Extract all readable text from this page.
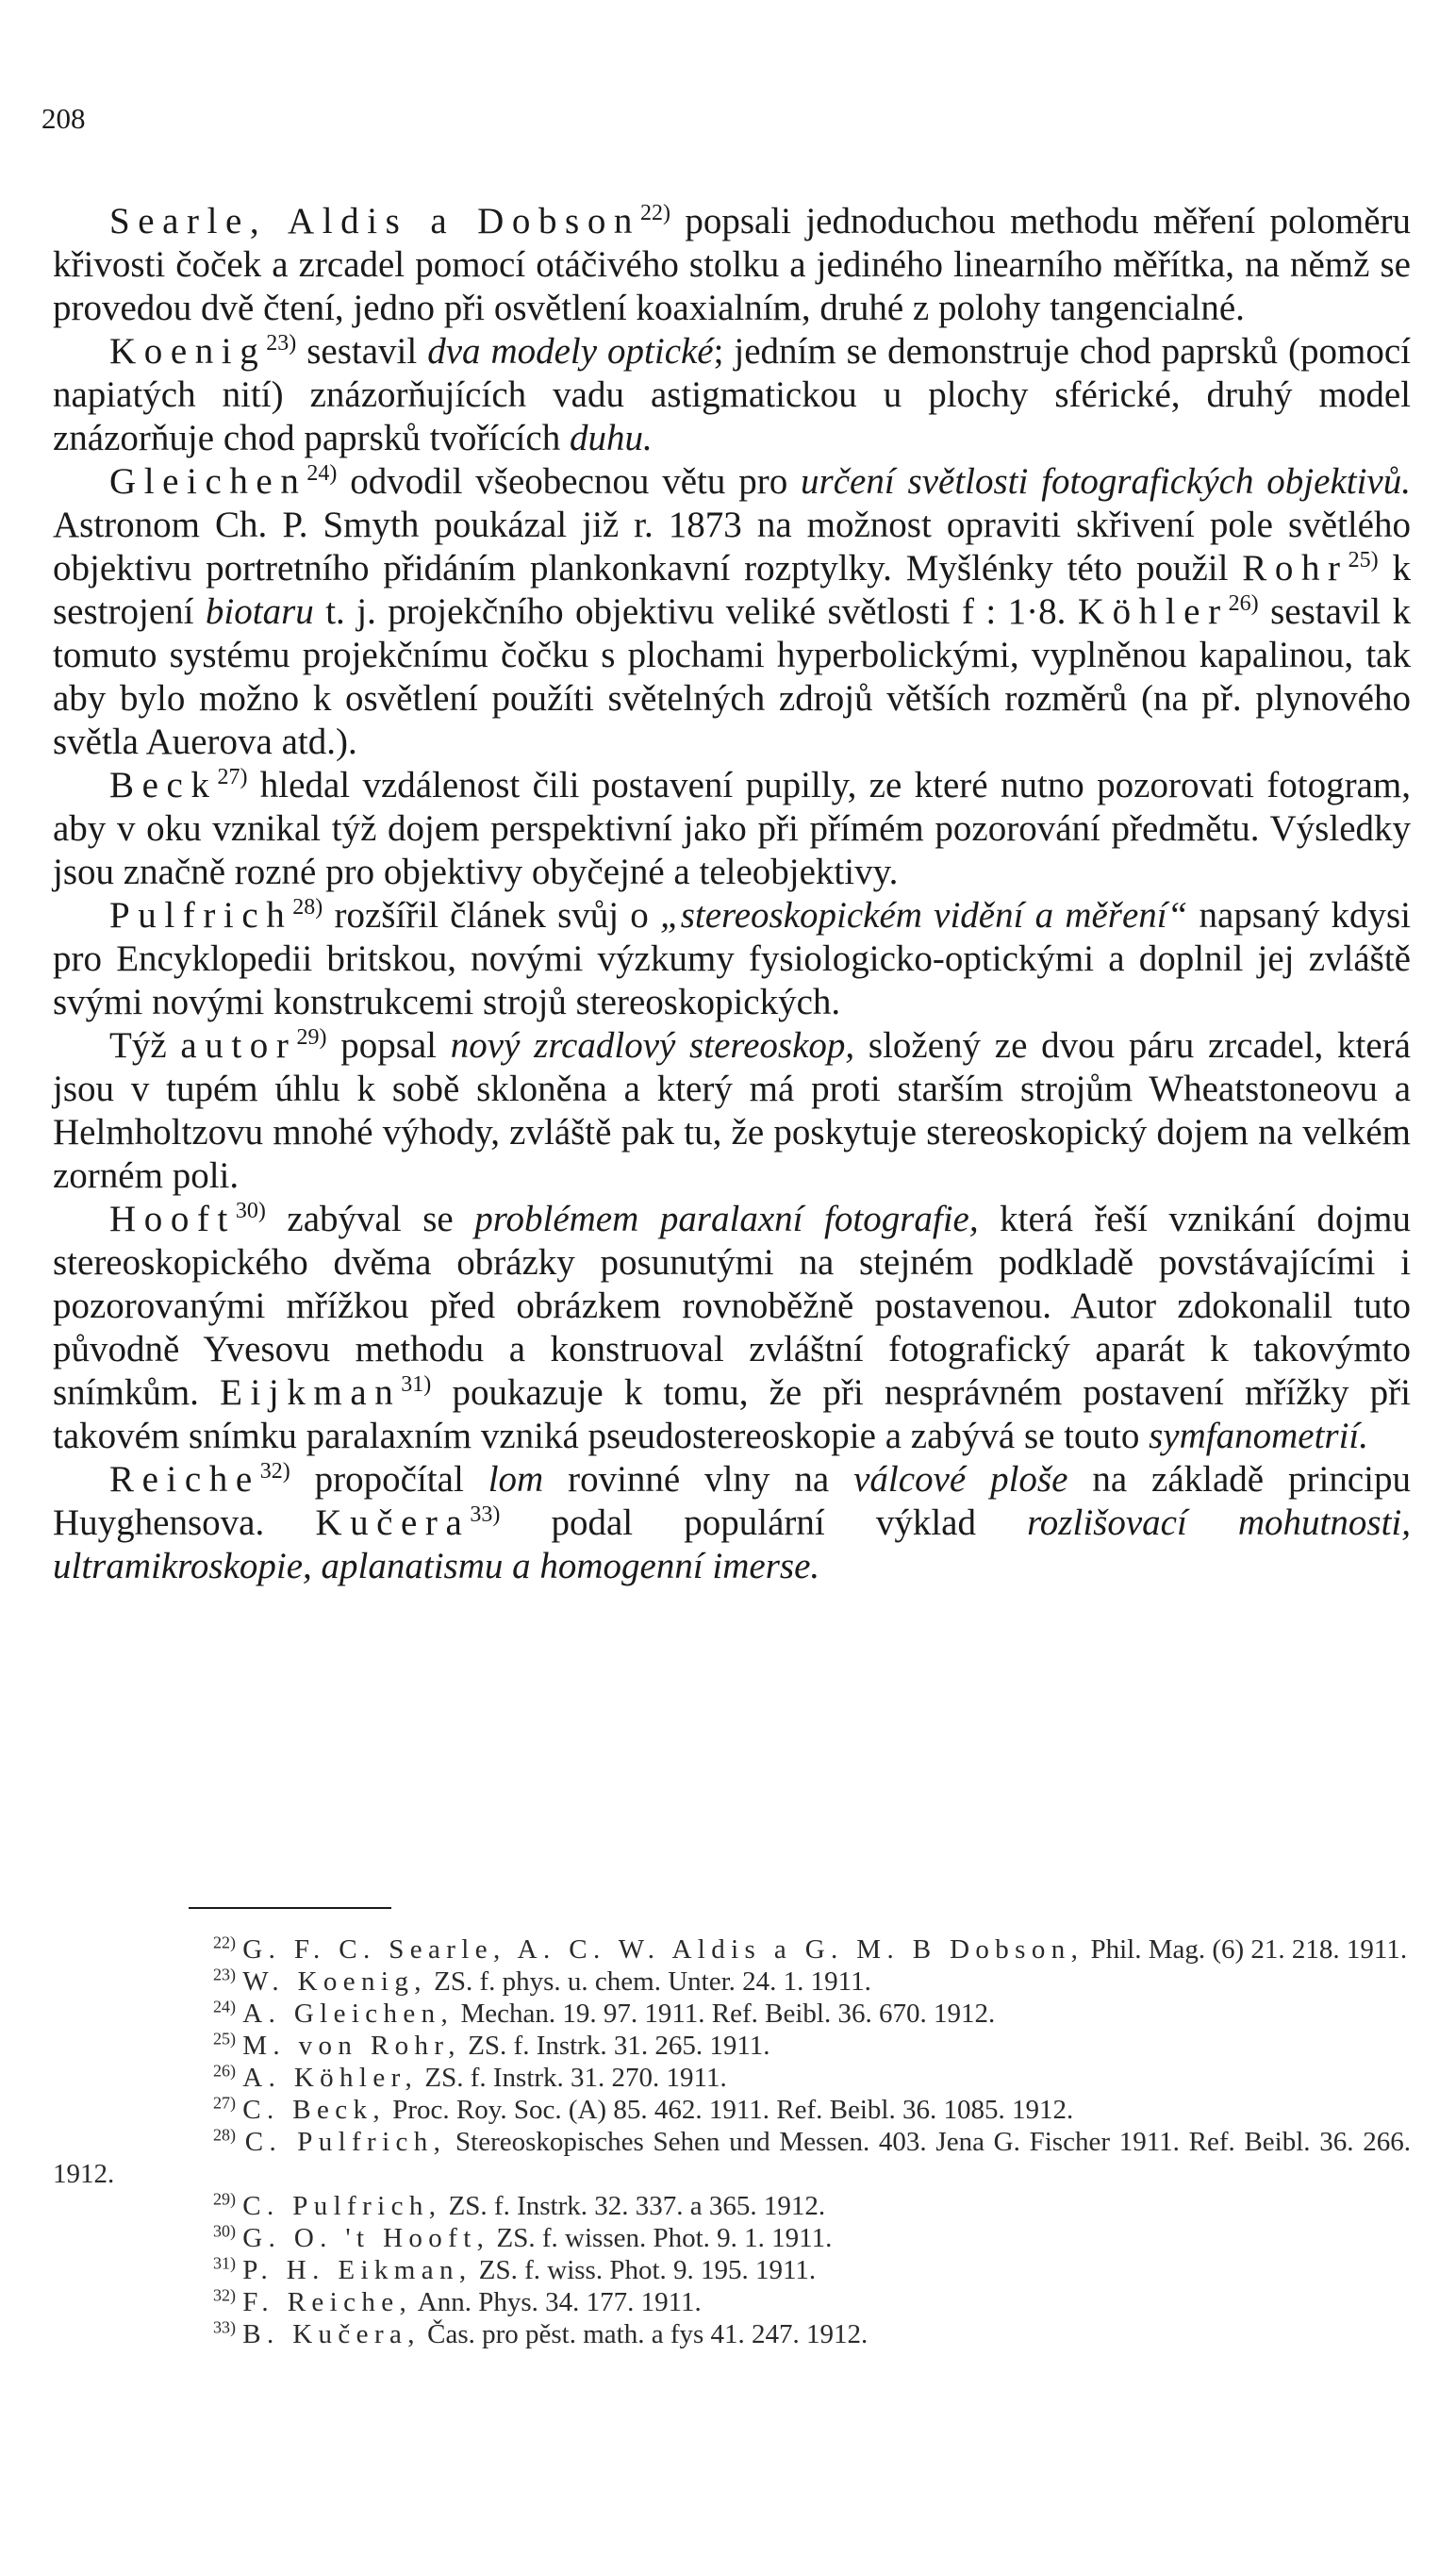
208

Searle, Aldis a Dobson$^{22)}$ popsali jednoduchou methodu měření poloměru křivosti čoček a zrcadel pomocí otáčivého stolku a jediného linearního měřítka, na němž se provedou dvě čtení, jedno při osvětlení koaxialním, druhé z polohy tangencialné.

Koenig$^{23)}$ sestavil dva modely optické; jedním se demonstruje chod paprsků (pomocí napiatých nití) znázorňujících vadu astigmatickou u plochy sférické, druhý model znázorňuje chod paprsků tvořících duhu.

Gleichen$^{24)}$ odvodil všeobecnou větu pro určení světlosti fotografických objektivů. Astronom Ch. P. Smyth poukázal již r. 1873 na možnost opraviti skřivení pole světlého objektivu portretního přidáním plankonkavní rozptylky. Myšlénky této použil Rohr$^{25)}$ k sestrojení biotaru t. j. projekčního objektivu veliké světlosti f : 1·8. Köhler$^{26)}$ sestavil k tomuto systému projekčnímu čočku s plochami hyperbolickými, vyplněnou kapalinou, tak aby bylo možno k osvětlení použíti světelných zdrojů větších rozměrů (na př. plynového světla Auerova atd.).

Beck$^{27)}$ hledal vzdálenost čili postavení pupilly, ze které nutno pozorovati fotogram, aby v oku vznikal týž dojem perspektivní jako při přímém pozorování předmětu. Výsledky jsou značně rozné pro objektivy obyčejné a teleobjektivy.

Pulfrich$^{28)}$ rozšířil článek svůj o „stereoskopickém vidění a měření“ napsaný kdysi pro Encyklopedii britskou, novými výzkumy fysiologicko-optickými a doplnil jej zvláště svými novými konstrukcemi strojů stereoskopických.

Týž autor$^{29)}$ popsal nový zrcadlový stereoskop, složený ze dvou páru zrcadel, která jsou v tupém úhlu k sobě skloněna a který má proti starším strojům Wheatstoneovu a Helmholtzovu mnohé výhody, zvláště pak tu, že poskytuje stereoskopický dojem na velkém zorném poli.

Hooft$^{30)}$ zabýval se problémem paralaxní fotografie, která řeší vznikání dojmu stereoskopického dvěma obrázky posunutými na stejném podkladě povstávajícími i pozorovanými mřížkou před obrázkem rovnoběžně postavenou. Autor zdokonalil tuto původně Yvesovu methodu a konstruoval zvláštní fotografický aparát k takovýmto snímkům. Eijkman$^{31)}$ poukazuje k tomu, že při nesprávném postavení mřížky při takovém snímku paralaxním vzniká pseudostereoskopie a zabývá se touto symfanometrií.

Reiche$^{32)}$ propočítal lom rovinné vlny na válcové ploše na základě principu Huyghensova. Kučera$^{33)}$ podal populární výklad rozlišovací mohutnosti, ultramikroskopie, aplanatismu a homogenní imerse.

$^{22)}$ G. F. C. Searle, A. C. W. Aldis a G. M. B Dobson, Phil. Mag. (6) 21. 218. 1911.

$^{23)}$ W. Koenig, ZS. f. phys. u. chem. Unter. 24. 1. 1911.

$^{24)}$ A. Gleichen, Mechan. 19. 97. 1911. Ref. Beibl. 36. 670. 1912.

$^{25)}$ M. von Rohr, ZS. f. Instrk. 31. 265. 1911.

$^{26)}$ A. Köhler, ZS. f. Instrk. 31. 270. 1911.

$^{27)}$ C. Beck, Proc. Roy. Soc. (A) 85. 462. 1911. Ref. Beibl. 36. 1085. 1912.

$^{28)}$ C. Pulfrich, Stereoskopisches Sehen und Messen. 403. Jena G. Fischer 1911. Ref. Beibl. 36. 266. 1912.

$^{29)}$ C. Pulfrich, ZS. f. Instrk. 32. 337. a 365. 1912.

$^{30)}$ G. O. 't Hooft, ZS. f. wissen. Phot. 9. 1. 1911.

$^{31)}$ P. H. Eikman, ZS. f. wiss. Phot. 9. 195. 1911.

$^{32)}$ F. Reiche, Ann. Phys. 34. 177. 1911.

$^{33)}$ B. Kučera, Čas. pro pěst. math. a fys 41. 247. 1912.
